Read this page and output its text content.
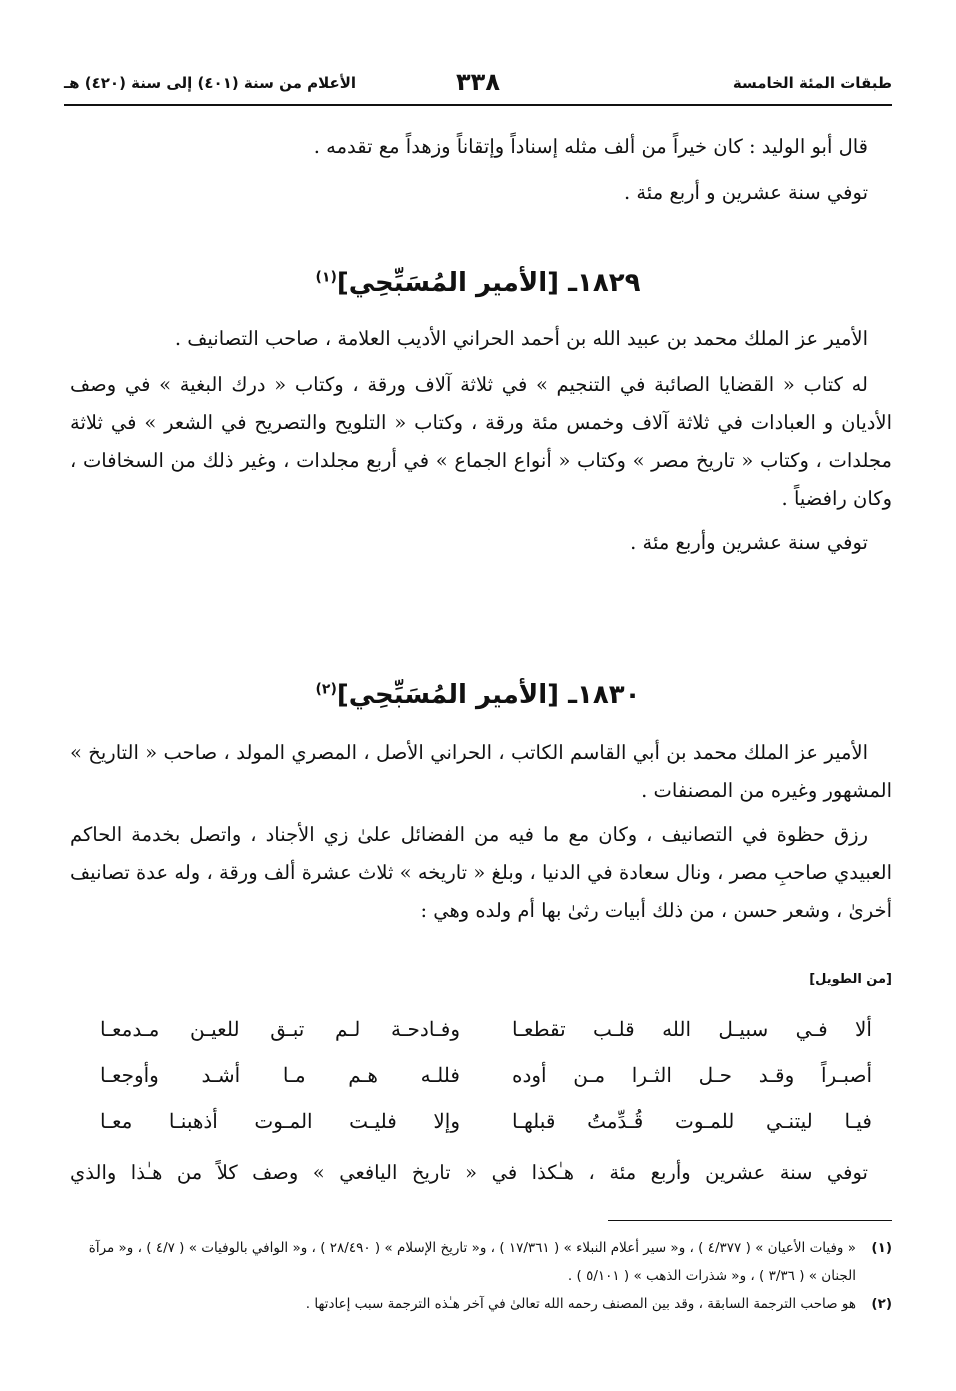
طبقات المئة الخامسة
٣٣٨
الأعلام من سنة (٤٠١) إلى سنة (٤٢٠) هـ

قال أبو الوليد : كان خيراً من ألف مثله إسناداً وإتقاناً وزهداً مع تقدمه .

توفي سنة عشرين و أربع مئة .

١٨٢٩ـ [الأمير المُسَبِّحِي]$^{(١)}$

الأمير عز الملك محمد بن عبيد الله بن أحمد الحراني الأديب العلامة ، صاحب التصانيف .

له كتاب « القضايا الصائبة في التنجيم » في ثلاثة آلاف ورقة ، وكتاب « درك البغية » في وصف الأديان و العبادات في ثلاثة آلاف وخمس مئة ورقة ، وكتاب « التلويح والتصريح في الشعر » في ثلاثة مجلدات ، وكتاب « تاريخ مصر » وكتاب « أنواع الجماع » في أربع مجلدات ، وغير ذلك من السخافات ، وكان رافضياً .

توفي سنة عشرين وأربع مئة .

١٨٣٠ـ [الأمير المُسَبِّحِي]$^{(٢)}$

الأمير عز الملك محمد بن أبي القاسم الكاتب ، الحراني الأصل ، المصري المولد ، صاحب « التاريخ » المشهور وغيره من المصنفات .

رزق حظوة في التصانيف ، وكان مع ما فيه من الفضائل علىٰ زي الأجناد ، واتصل بخدمة الحاكم العبيدي صاحبِ مصر ، ونال سعادة في الدنيا ، وبلغ « تاريخه » ثلاث عشرة ألف ورقة ، وله عدة تصانيف أخرىٰ ، وشعر حسن ، من ذلك أبيات رثىٰ بها أم ولده وهي :

[من الطويل]
ألا فـي سبيـل الله قلـب تقطعـا
وفـادحـة لـم تبـق للعيـن مـدمعـا
أصبـراً وقـد حـل الثـرا مـن أوده
فللـه هـم مـا أشـد وأوجعـا
فيـا ليتنـي للمـوت قُـدِّمتُ قبلهـا
وإلا فليـت المـوت أذهبنـا معـا

توفي سنة عشرين وأربع مئة ، هـٰكذا في « تاريخ اليافعي » وصف كلاً من هـٰذا والذي

(١)
« وفيات الأعيان » ( ٤/٣٧٧ ) ، و« سير أعلام النبلاء » ( ١٧/٣٦١ ) ، و« تاريخ الإسلام » ( ٢٨/٤٩٠ ) ، و« الوافي بالوفيات » ( ٤/٧ ) ، و« مرآة الجنان » ( ٣/٣٦ ) ، و« شذرات الذهب » ( ٥/١٠١ ) .

(٢)
هو صاحب الترجمة السابقة ، وقد بين المصنف رحمه الله تعالىٰ في آخر هـٰذه الترجمة سبب إعادتها .
